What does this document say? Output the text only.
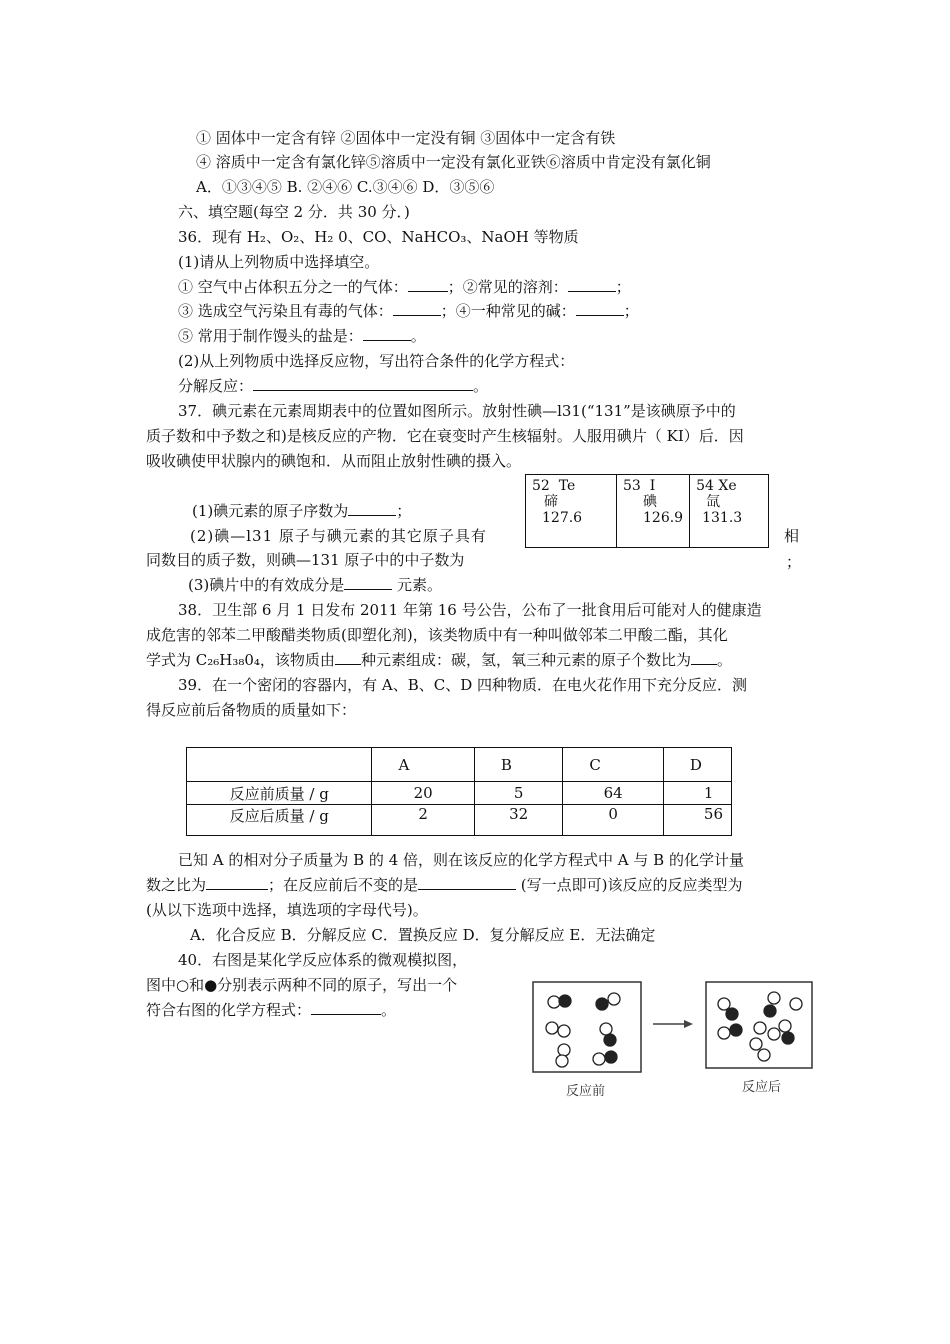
① 固体中一定含有锌 ②固体中一定没有铜 ③固体中一定含有铁
④ 溶质中一定含有氯化锌⑤溶质中一定没有氯化亚铁⑥溶质中肯定没有氯化铜
A．①③④⑤ B. ②④⑥ C.③④⑥ D．③⑤⑥
六、填空题(每空 2 分．共 30 分．)
36．现有 H₂、O₂、H₂ 0、CO、NaHCO₃、NaOH 等物质
(1)请从上列物质中选择填空。
① 空气中占体积五分之一的气体：	；②常见的溶剂：	；
③ 选成空气污染且有毒的气体：	；④一种常见的碱：	；
⑤ 常用于制作馒头的盐是：	。
(2)从上列物质中选择反应物，写出符合条件的化学方程式：
分解反应：	。
37．碘元素在元素周期表中的位置如图所示。放射性碘—l31(“131”是该碘原予中的
质子数和中予数之和)是核反应的产物．它在衰变时产生核辐射。人服用碘片（ KI）后．因
吸收碘使甲状腺内的碘饱和．从而阻止放射性碘的摄入。
52 Te
碲
127.6

53 I
碘
126.9

54 Xe
氙
131.3
(1)碘元素的原子序数为	；
(2)碘—l31 原子与碘元素的其它原子具有	相
同数目的质子数，则碘—131 原子中的中子数为	；
(3)碘片中的有效成分是	元素。
38．卫生部 6 月 1 日发布 2011 年第 16 号公告，公布了一批食用后可能对人的健康造
成危害的邻苯二甲酸醋类物质(即塑化剂)，该类物质中有一种叫做邻苯二甲酸二酯，其化
学式为 C₂₆H₃₈0₄，该物质由 种元素组成：碳，氢，氧三种元素的原子个数比为 。
39．在一个密闭的容器内，有 A、B、C、D 四种物质．在电火花作用下充分反应．测
得反应前后备物质的质量如下：
	A	B	C	D
反应前质量 / g	20	5	64	1
反应后质量 / g	2	32	0	56
已知 A 的相对分子质量为 B 的 4 倍，则在该反应的化学方程式中 A 与 B 的化学计量
数之比为	；在反应前后不变的是	(写一点即可)该反应的反应类型为
(从以下选项中选择，填选项的字母代号)。
A．化合反应 B．分解反应 C．置换反应 D．复分解反应 E．无法确定
40．右图是某化学反应体系的微观模拟图，
图中○和●分别表示两种不同的原子，写出一个
符合右图的化学方程式：	。
反应前	反应后
